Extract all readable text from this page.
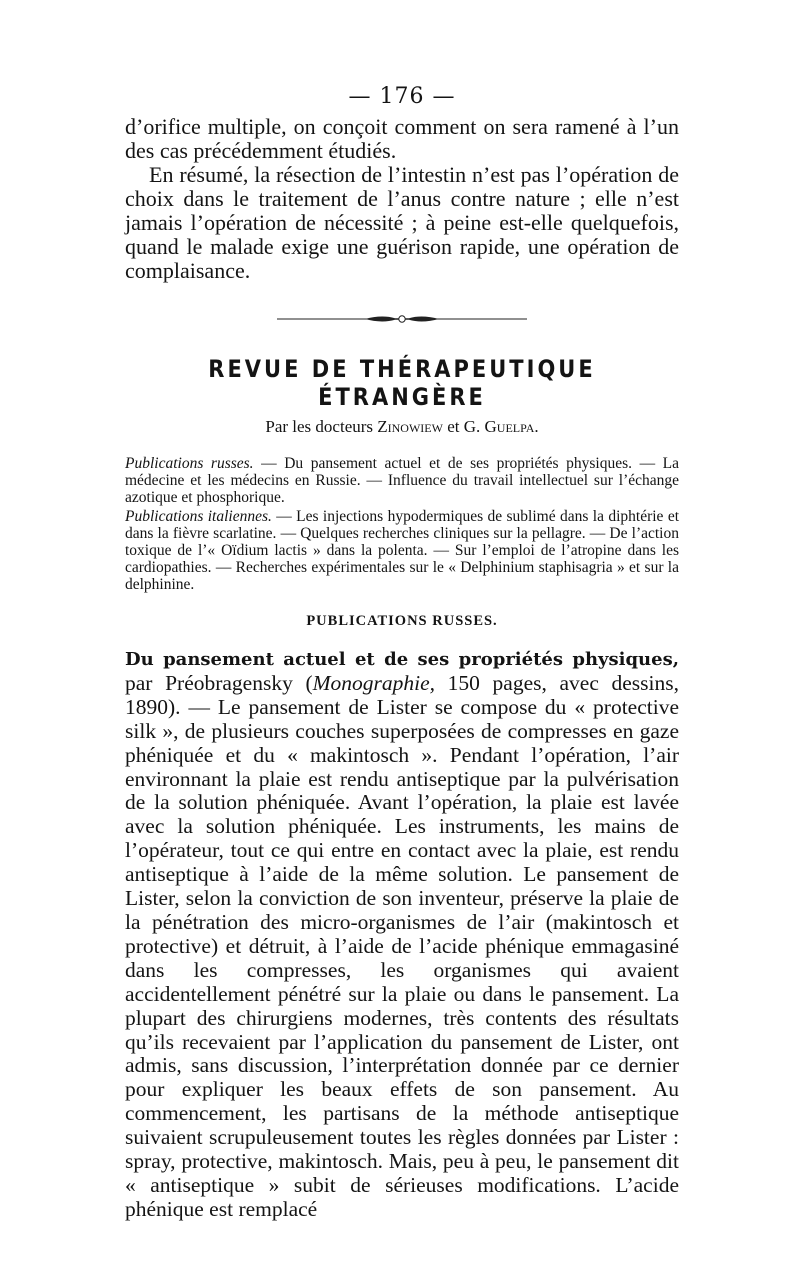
— 176 —

d’orifice multiple, on conçoit comment on sera ramené à l’un des cas précédemment étudiés.

En résumé, la résection de l’intestin n’est pas l’opération de choix dans le traitement de l’anus contre nature ; elle n’est jamais l’opération de nécessité ; à peine est-elle quelquefois, quand le malade exige une guérison rapide, une opération de complaisance.

REVUE DE THÉRAPEUTIQUE ÉTRANGÈRE
Par les docteurs Zinowiew et G. Guelpa.

Publications russes. — Du pansement actuel et de ses propriétés physiques. — La médecine et les médecins en Russie. — Influence du travail intellectuel sur l’échange azotique et phosphorique.

Publications italiennes. — Les injections hypodermiques de sublimé dans la diphtérie et dans la fièvre scarlatine. — Quelques recherches cliniques sur la pellagre. — De l’action toxique de l’« Oïdium lactis » dans la polenta. — Sur l’emploi de l’atropine dans les cardiopathies. — Recherches expérimentales sur le « Delphinium staphisagria » et sur la delphinine.

PUBLICATIONS RUSSES.

Du pansement actuel et de ses propriétés physiques, par Préobragensky (Monographie, 150 pages, avec dessins, 1890). — Le pansement de Lister se compose du « protective silk », de plusieurs couches superposées de compresses en gaze phéniquée et du « makintosch ». Pendant l’opération, l’air environnant la plaie est rendu antiseptique par la pulvérisation de la solution phéniquée. Avant l’opération, la plaie est lavée avec la solution phéniquée. Les instruments, les mains de l’opérateur, tout ce qui entre en contact avec la plaie, est rendu antiseptique à l’aide de la même solution. Le pansement de Lister, selon la conviction de son inventeur, préserve la plaie de la pénétration des micro-organismes de l’air (makintosch et protective) et détruit, à l’aide de l’acide phénique emmagasiné dans les compresses, les organismes qui avaient accidentellement pénétré sur la plaie ou dans le pansement. La plupart des chirurgiens modernes, très contents des résultats qu’ils recevaient par l’application du pansement de Lister, ont admis, sans discussion, l’interprétation donnée par ce dernier pour expliquer les beaux effets de son pansement. Au commencement, les partisans de la méthode antiseptique suivaient scrupuleusement toutes les règles données par Lister : spray, protective, makintosch. Mais, peu à peu, le pansement dit « antiseptique » subit de sérieuses modifications. L’acide phénique est remplacé
